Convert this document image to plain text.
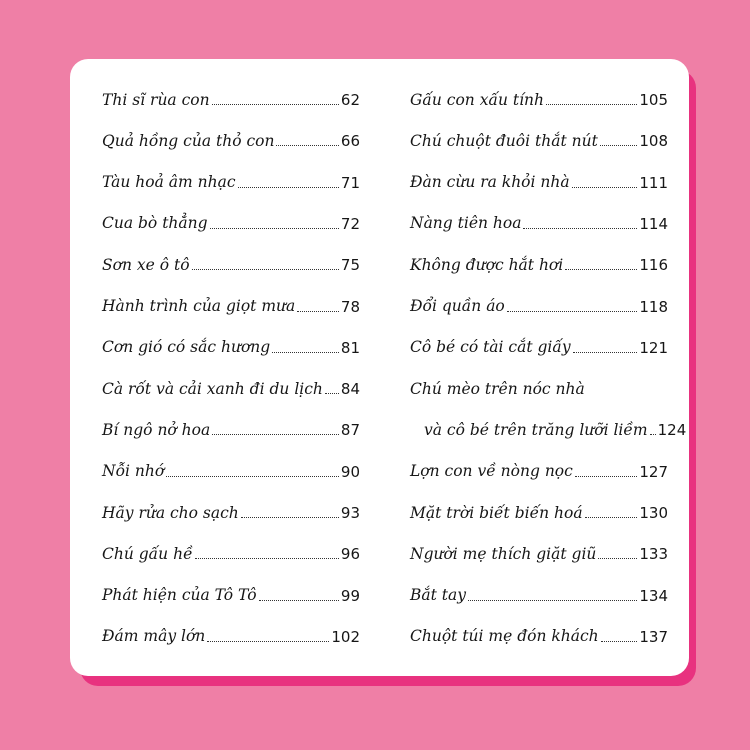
Thi sĩ rùa con	62
Quả hồng của thỏ con	66
Tàu hoả âm nhạc	71
Cua bò thẳng	72
Sơn xe ô tô	75
Hành trình của giọt mưa	78
Cơn gió có sắc hương	81
Cà rốt và cải xanh đi du lịch 84
Bí ngô nở hoa	87
Nỗi nhớ	90
Hãy rửa cho sạch	93
Chú gấu hề	96
Phát hiện của Tô Tô	99
Đám mây lớn	102
Gấu con xấu tính	105
Chú chuột đuôi thắt nút	108
Đàn cừu ra khỏi nhà	111
Nàng tiên hoa	114
Không được hắt hơi	116
Đổi quần áo	118
Cô bé có tài cắt giấy	121
Chú mèo trên nóc nhà
và cô bé trên trăng lưỡi liềm 124
Lợn con về nòng nọc	127
Mặt trời biết biến hoá	130
Người mẹ thích giặt giũ	133
Bắt tay	134
Chuột túi mẹ đón khách	137
